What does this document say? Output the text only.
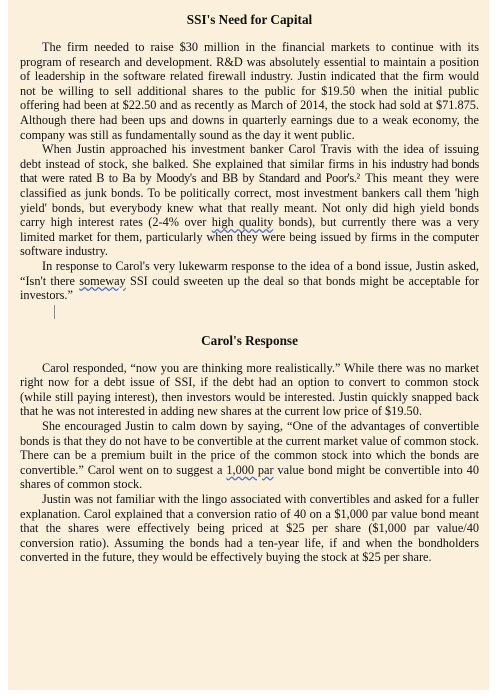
SSI's Need for Capital

The firm needed to raise $30 million in the financial markets to continue with its program of research and development. R&D was absolutely essential to maintain a position of leadership in the software related firewall industry. Justin indicated that the firm would not be willing to sell additional shares to the public for $19.50 when the initial public offering had been at $22.50 and as recently as March of 2014, the stock had sold at $71.875. Although there had been ups and downs in quarterly earnings due to a weak economy, the company was still as fundamentally sound as the day it went public.

When Justin approached his investment banker Carol Travis with the idea of issuing debt instead of stock, she balked. She explained that similar firms in his industry had bonds that were rated B to Ba by Moody's and BB by Standard and Poor's.² This meant they were classified as junk bonds. To be politically correct, most investment bankers call them 'high yield' bonds, but everybody knew what that really meant. Not only did high yield bonds carry high interest rates (2-4% over high quality bonds), but currently there was a very limited market for them, particularly when they were being issued by firms in the computer software industry.

In response to Carol's very lukewarm response to the idea of a bond issue, Justin asked, “Isn't there someway SSI could sweeten up the deal so that bonds might be acceptable for investors.”

Carol's Response

Carol responded, “now you are thinking more realistically.” While there was no market right now for a debt issue of SSI, if the debt had an option to convert to common stock (while still paying interest), then investors would be interested. Justin quickly snapped back that he was not interested in adding new shares at the current low price of $19.50.

She encouraged Justin to calm down by saying, “One of the advantages of convertible bonds is that they do not have to be convertible at the current market value of common stock. There can be a premium built in the price of the common stock into which the bonds are convertible.” Carol went on to suggest a 1,000 par value bond might be convertible into 40 shares of common stock.

Justin was not familiar with the lingo associated with convertibles and asked for a fuller explanation. Carol explained that a conversion ratio of 40 on a $1,000 par value bond meant that the shares were effectively being priced at $25 per share ($1,000 par value/40 conversion ratio). Assuming the bonds had a ten-year life, if and when the bondholders converted in the future, they would be effectively buying the stock at $25 per share.
